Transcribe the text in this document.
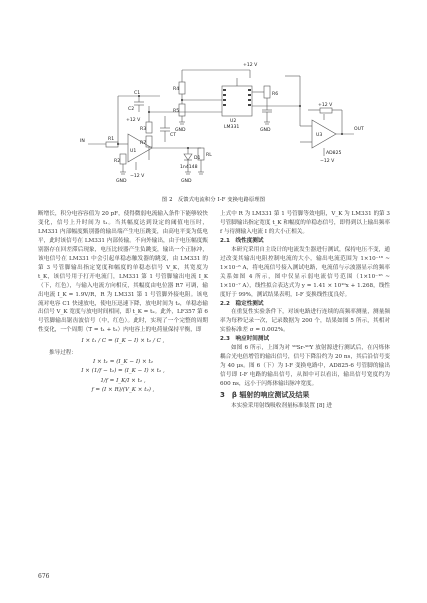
R4
R5
R6
R3
R7
R1
R2
RL
C1
C2
CT
D1
1n4148
U1
U2
U3
LM331
AD825
IN
OUT
+12 V
+12 V
+12 V
−12 V
−12 V
GND	GND
GND	GND
图 2　反馈式电流积分 I-F 变换电路原理图

断增长，积分电容容值为 20 pF，使得微弱电流输入条件下能够较快变化，信号上升时间为 t₁。当其幅度达到设定的阈值电压时，LM331 内部幅度甄别器的输出端产生电压跳变，由高电平变为低电平，此时该信号在 LM331 内部传输。不向外输出，由于电压幅度甄别器存在回差滞后现象，电压比较器产生负跳变，输出一个正脉冲，该电信号在 LM331 中会引起单稳态触发器的跳变，由 LM331 的第 3 号管脚输出指定宽度和幅度的单稳态信号 V_K，其宽度为 t_K，该信号用于打开电流门，LM331 第 1 号管脚输出电流 I_K（下，红色），与输入电流方向相反，其幅度由电位器 R7 可调，输出电流 I_K = 1.9V/R，R 为 LM331 第 1 号管脚外接电阻。该电流对电容 C1 快速放电，使电压迅速下降，放电时间为 t₂，单稳态输出信号 V_K 宽度与放电时间相同，即 t_K = t₂。此外，LF357 第 6 号管脚输出锯齿波信号（中，红色）。此时，实现了一个完整的周期性变化，一个周期（T = t₁ + t₂）内电容上的电荷量保持平衡，即

I × t₁ / C = (I_K − I) × t₂ / C ,

推导过程：

I × t₁ = (I_K − I) × t₂
I × (1/f − t₂) = (I_K − I) × t₂ ,
1/f = I_K/I × t₂ ,
f = (I × R)/(V_K × t₂) ,

上式中 R 为 LM331 第 1 号管脚等效电阻，V_K 为 LM331 的第 3 号管脚输出指定宽度 t_K 和幅度的单稳态信号，即得到以上输出频率 f 与待测输入电流 I 的大小正相关。

2.1　线性度测试

本研究采用自主设计的电流发生器进行测试，保持电压不变，通过改变其输出电阻控制电流的大小，输出电流范围为 1×10⁻¹⁶ ~ 1×10⁻⁶ A，将电流信号接入测试电路，电流值与示波器显示的频率关系如图 4 所示，图中仅显示弱电流信号范围（1×10⁻¹⁶ ~ 1×10⁻⁷ A），线性拟合表达式为 y = 1.41 × 10¹⁰x + 1.268，线性度好于 99%，测试结果表明，I-F 变换线性度良好。

2.2　稳定性测试

在重复性实验条件下，对该电路进行连续的高频率测量，测量频率为每秒记录一次，记录数据为 200 个，结果如图 5 所示，其相对实验标准差 σ = 0.002%。

2.3　响应时间测试

如图 6 所示，上图为对 ⁹⁰Sr-⁹⁰Y 放射源进行测试后，在闪烁体耦合光电倍增管的输出信号，信号下降沿约为 20 ns，其后沿信号变为 40 μs。图 6（下）为 I-F 变换电路中，AD825-6 号管脚的输出信号即 I-F 电路的输出信号，从图中可以看出，输出信号宽度约为 600 ns，远小于闪烁体输出脉冲宽度。

3　β 辐射的响应测试及结果

本实验采用射线吸收剂量标准装置 [8] 进

676
